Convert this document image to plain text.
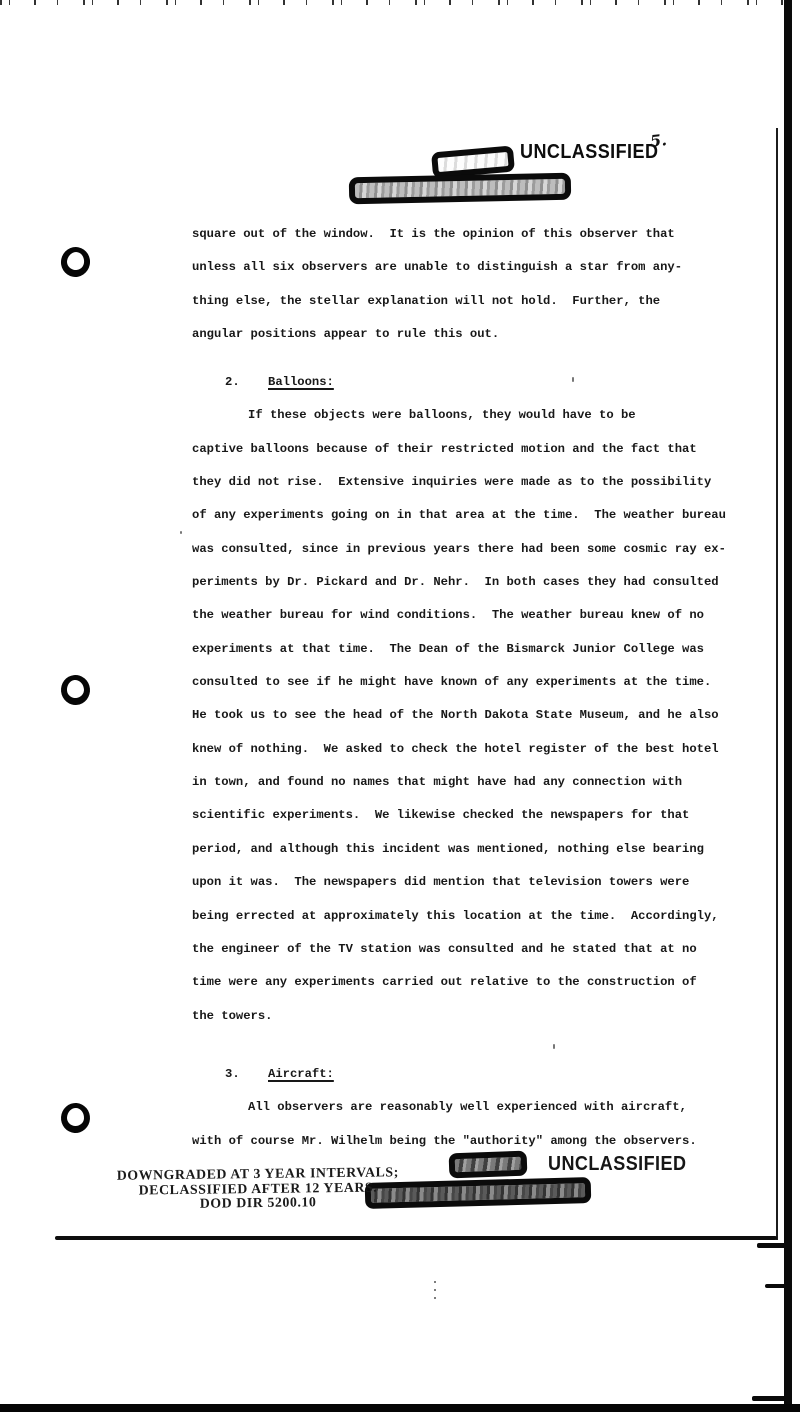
UNCLASSIFIED
5.
square out of the window.  It is the opinion of this observer that
unless all six observers are unable to distinguish a star from any-
thing else, the stellar explanation will not hold.  Further, the
angular positions appear to rule this out.
2. Balloons:
If these objects were balloons, they would have to be
captive balloons because of their restricted motion and the fact that
they did not rise.  Extensive inquiries were made as to the possibility
of any experiments going on in that area at the time.  The weather bureau
was consulted, since in previous years there had been some cosmic ray ex-
periments by Dr. Pickard and Dr. Nehr.  In both cases they had consulted
the weather bureau for wind conditions.  The weather bureau knew of no
experiments at that time.  The Dean of the Bismarck Junior College was
consulted to see if he might have known of any experiments at the time.
He took us to see the head of the North Dakota State Museum, and he also
knew of nothing.  We asked to check the hotel register of the best hotel
in town, and found no names that might have had any connection with
scientific experiments.  We likewise checked the newspapers for that
period, and although this incident was mentioned, nothing else bearing
upon it was.  The newspapers did mention that television towers were
being errected at approximately this location at the time.  Accordingly,
the engineer of the TV station was consulted and he stated that at no
time were any experiments carried out relative to the construction of
the towers.
3. Aircraft:
All observers are reasonably well experienced with aircraft,
with of course Mr. Wilhelm being the "authority" among the observers.
UNCLASSIFIED
DOWNGRADED AT 3 YEAR INTERVALS;
DECLASSIFIED AFTER 12 YEARS.
DOD DIR 5200.10
